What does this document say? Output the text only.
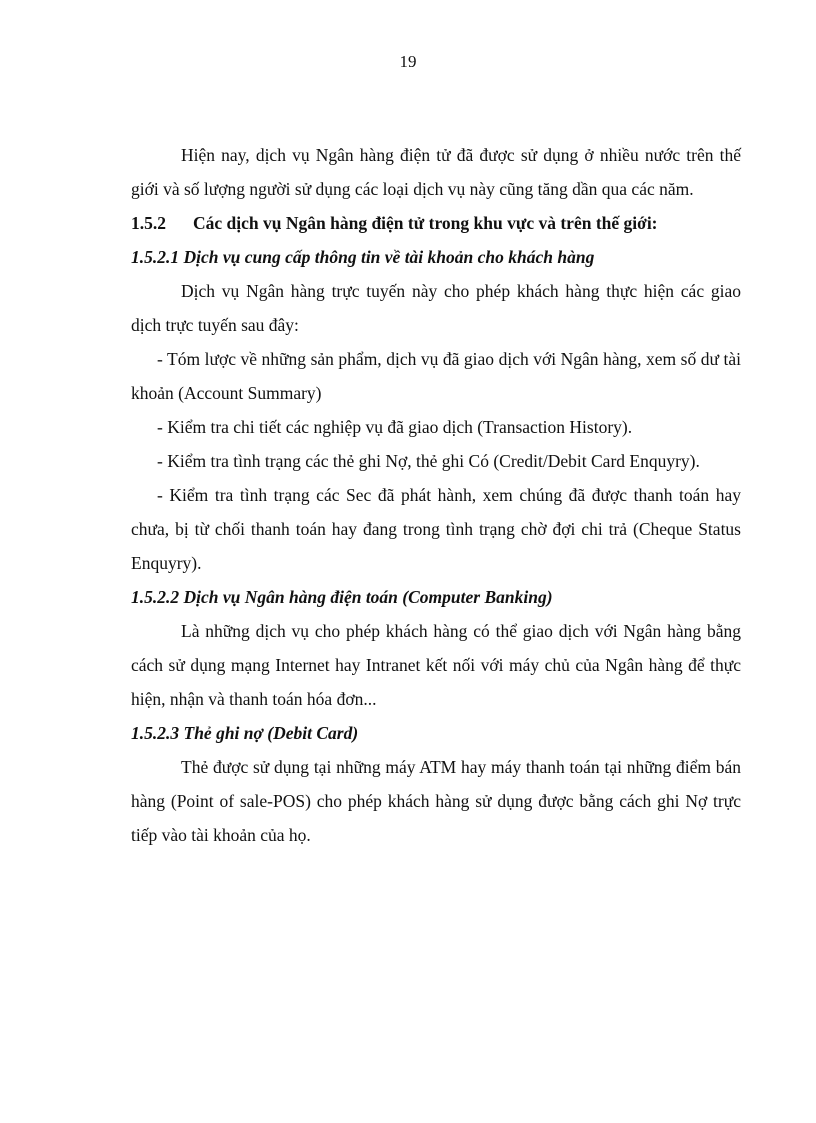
19

Hiện nay, dịch vụ Ngân hàng điện tử đã được sử dụng ở nhiều nước trên thế giới và số lượng người sử dụng các loại dịch vụ này cũng tăng dần qua các năm.

1.5.2 Các dịch vụ Ngân hàng điện tử trong khu vực và trên thế giới:

1.5.2.1 Dịch vụ cung cấp thông tin về tài khoản cho khách hàng

Dịch vụ Ngân hàng trực tuyến này cho phép khách hàng thực hiện các giao dịch trực tuyến sau đây:

- Tóm lược về những sản phẩm, dịch vụ đã giao dịch với Ngân hàng, xem số dư tài khoản (Account Summary)

- Kiểm tra chi tiết các nghiệp vụ đã giao dịch (Transaction History).

- Kiểm tra tình trạng các thẻ ghi Nợ, thẻ ghi Có (Credit/Debit Card Enquyry).

- Kiểm tra tình trạng các Sec đã phát hành, xem chúng đã được thanh toán hay chưa, bị từ chối thanh toán hay đang trong tình trạng chờ đợi chi trả (Cheque Status Enquyry).

1.5.2.2 Dịch vụ Ngân hàng điện toán (Computer Banking)

Là những dịch vụ cho phép khách hàng có thể giao dịch với Ngân hàng bằng cách sử dụng mạng Internet hay Intranet kết nối với máy chủ của Ngân hàng để thực hiện, nhận và thanh toán hóa đơn...

1.5.2.3 Thẻ ghi nợ (Debit Card)

Thẻ được sử dụng tại những máy ATM hay máy thanh toán tại những điểm bán hàng (Point of sale-POS) cho phép khách hàng sử dụng được bằng cách ghi Nợ trực tiếp vào tài khoản của họ.
